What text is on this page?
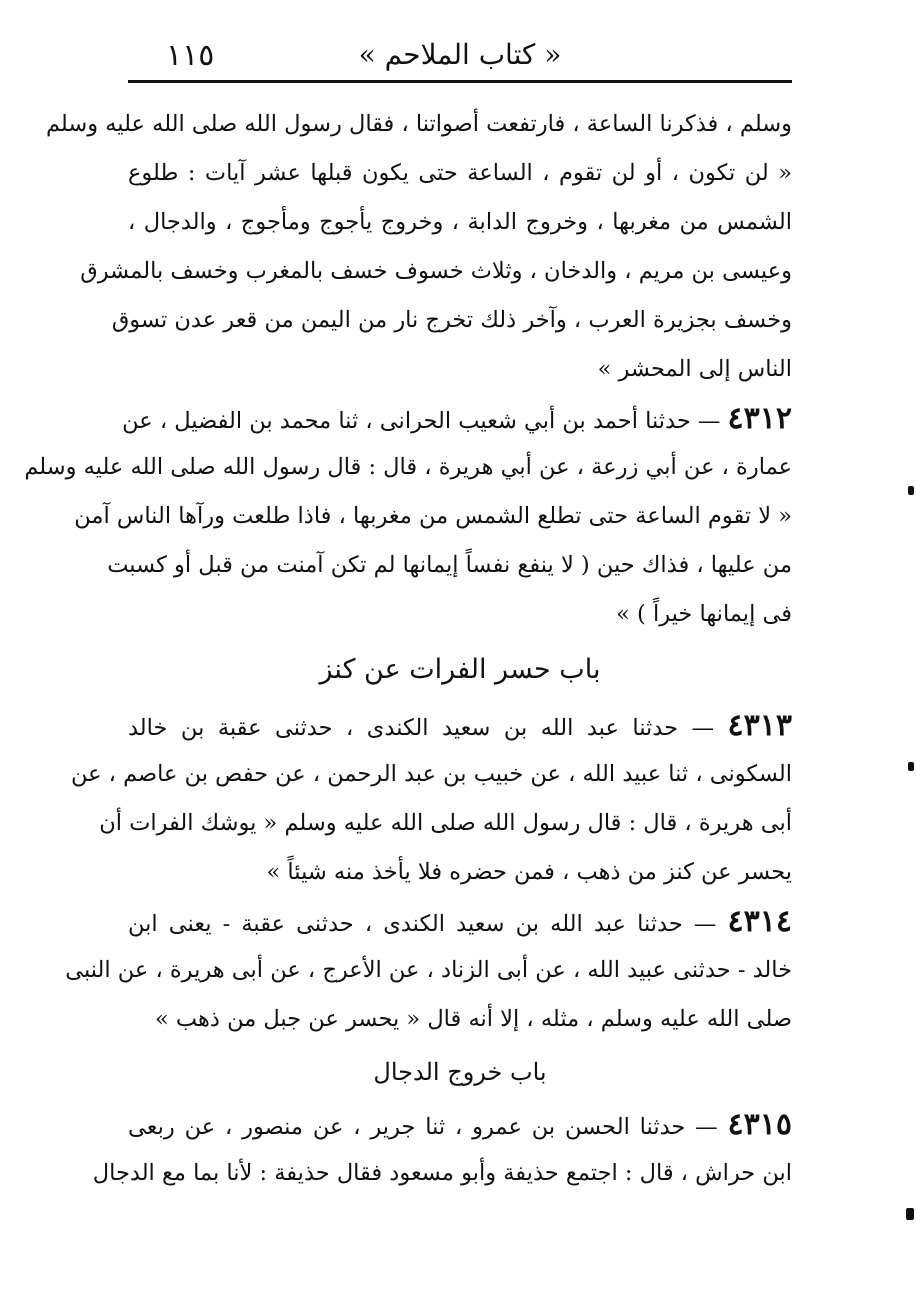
١١٥	« كتاب الملاحم »
وسلم ، فذكرنا الساعة ، فارتفعت أصواتنا ، فقال رسول الله صلى الله عليه وسلم
« لن تكون ، أو لن تقوم ، الساعة حتى يكون قبلها عشر آيات : طلوع
الشمس من مغربها ، وخروج الدابة ، وخروج يأجوج ومأجوج ، والدجال ،
وعيسى بن مريم ، والدخان ، وثلاث خسوف خسف بالمغرب وخسف بالمشرق
وخسف بجزيرة العرب ، وآخر ذلك تخرج نار من اليمن من قعر عدن تسوق
الناس إلى المحشر »
٤٣١٢ — حدثنا أحمد بن أبي شعيب الحرانى ، ثنا محمد بن الفضيل ، عن
عمارة ، عن أبي زرعة ، عن أبي هريرة ، قال : قال رسول الله صلى الله عليه وسلم
« لا تقوم الساعة حتى تطلع الشمس من مغربها ، فاذا طلعت ورآها الناس آمن
من عليها ، فذاك حين ( لا ينفع نفساً إيمانها لم تكن آمنت من قبل أو كسبت
فى إيمانها خيراً ) »
باب حسر الفرات عن كنز
٤٣١٣ — حدثنا عبد الله بن سعيد الكندى ، حدثنى عقبة بن خالد
السكونى ، ثنا عبيد الله ، عن خبيب بن عبد الرحمن ، عن حفص بن عاصم ، عن
أبى هريرة ، قال : قال رسول الله صلى الله عليه وسلم « يوشك الفرات أن
يحسر عن كنز من ذهب ، فمن حضره فلا يأخذ منه شيئاً »
٤٣١٤ — حدثنا عبد الله بن سعيد الكندى ، حدثنى عقبة - يعنى ابن
خالد - حدثنى عبيد الله ، عن أبى الزناد ، عن الأعرج ، عن أبى هريرة ، عن النبى
صلى الله عليه وسلم ، مثله ، إلا أنه قال « يحسر عن جبل من ذهب »
باب خروج الدجال
٤٣١٥ — حدثنا الحسن بن عمرو ، ثنا جرير ، عن منصور ، عن ربعى
ابن حراش ، قال : اجتمع حذيفة وأبو مسعود فقال حذيفة : لأنا بما مع الدجال
